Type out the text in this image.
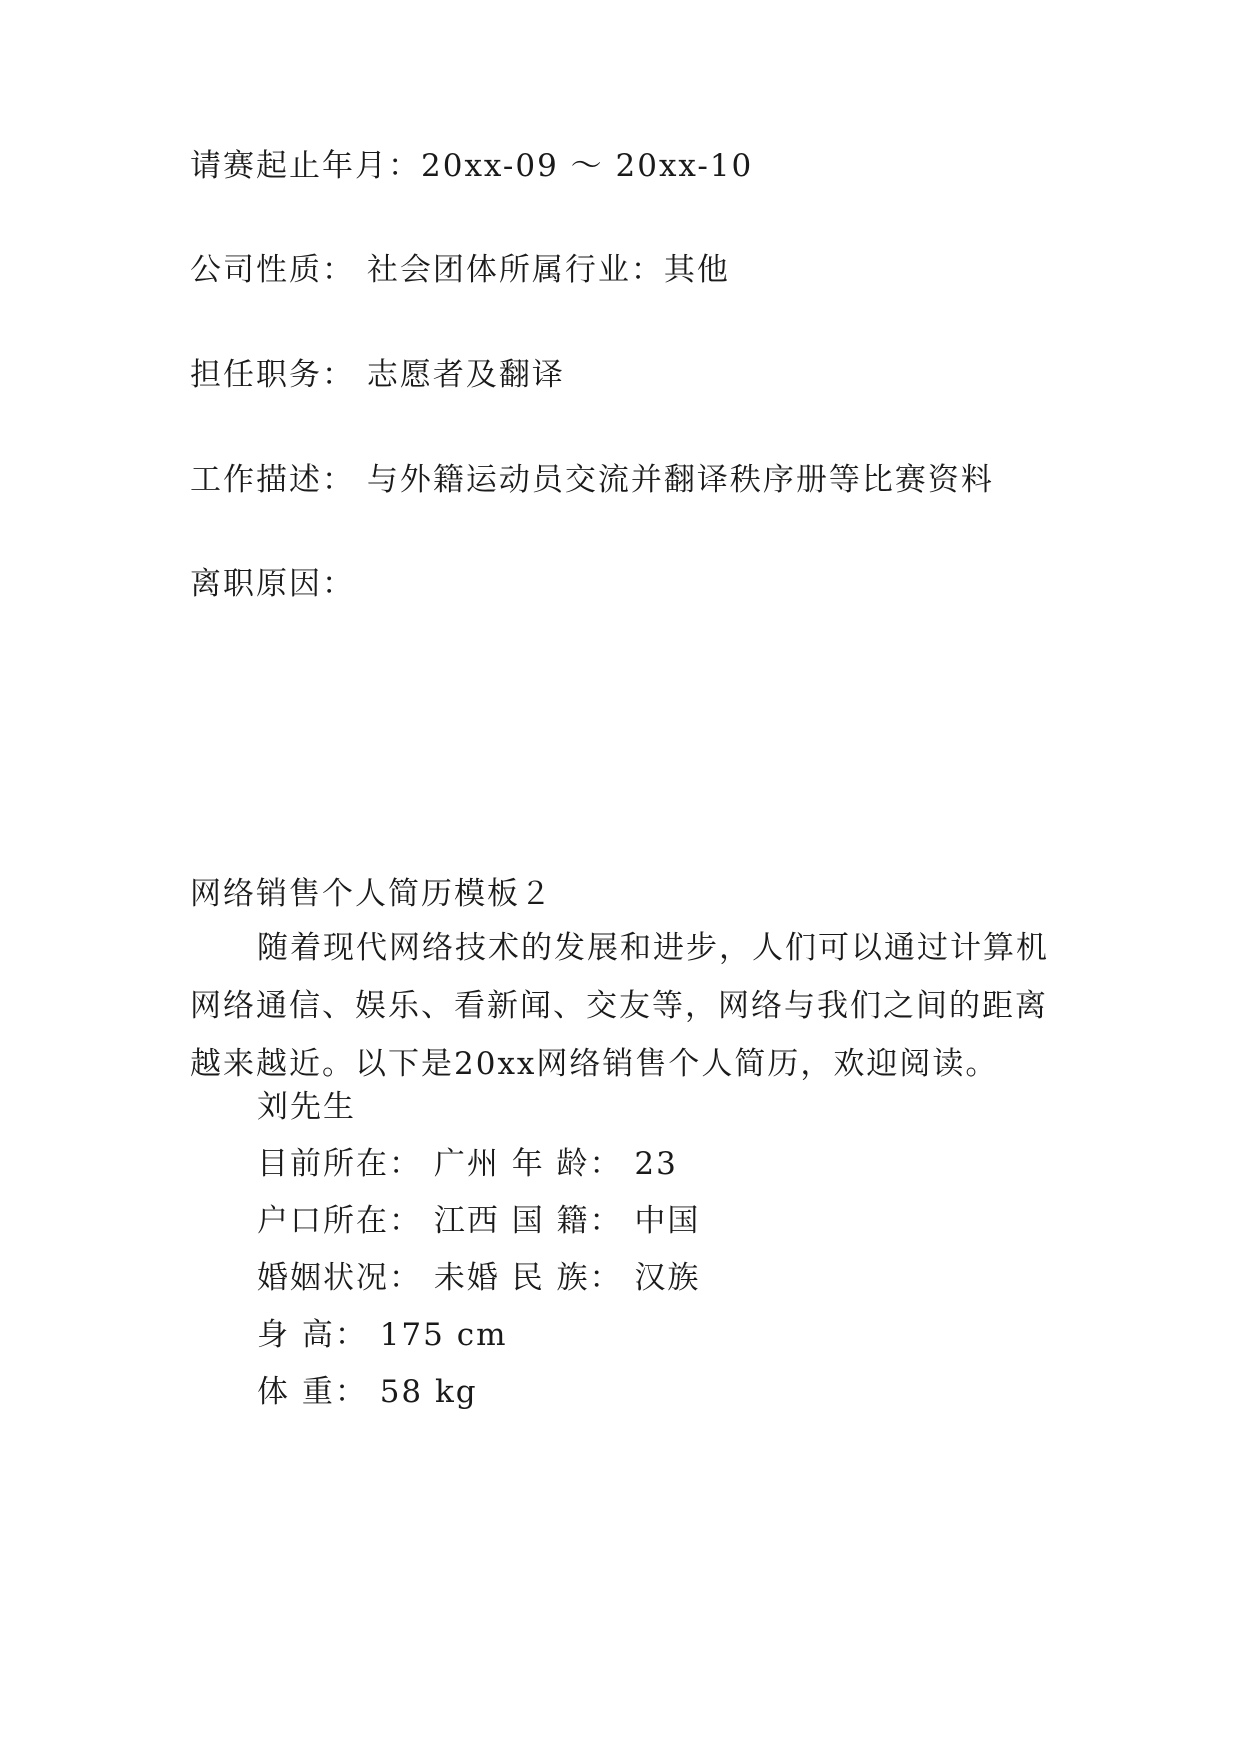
请赛起止年月：20xx-09 ～ 20xx-10
公司性质： 社会团体所属行业：其他
担任职务： 志愿者及翻译
工作描述： 与外籍运动员交流并翻译秩序册等比赛资料
离职原因：
网络销售个人简历模板２
随着现代网络技术的发展和进步，人们可以通过计算机网络通信、娱乐、看新闻、交友等，网络与我们之间的距离越来越近。以下是20xx网络销售个人简历，欢迎阅读。
刘先生
目前所在： 广州 年 龄： 23
户口所在： 江西 国 籍： 中国
婚姻状况： 未婚 民 族： 汉族
身 高： 175 cm
体 重： 58 kg
